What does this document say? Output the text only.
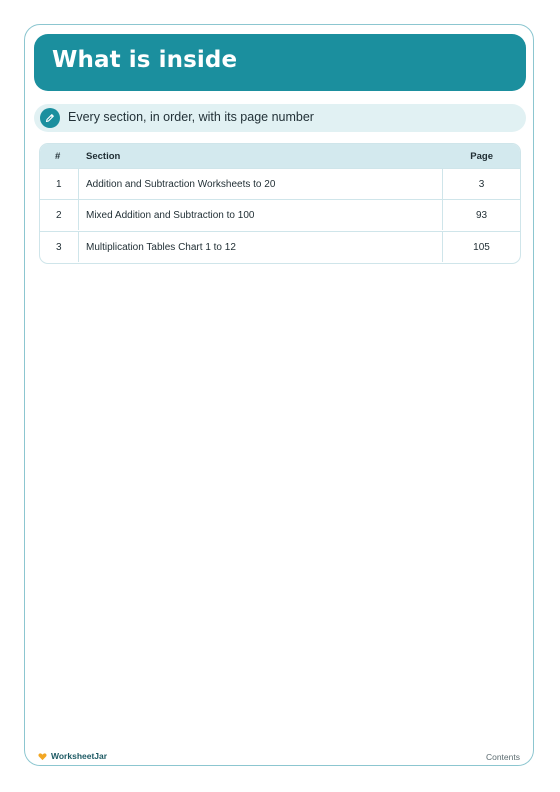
What is inside
Every section, in order, with its page number
#	Section	Page
1 Addition and Subtraction Worksheets to 20	3
2 Mixed Addition and Subtraction to 100	93
3 Multiplication Tables Chart 1 to 12	105
WorksheetJar	Contents
